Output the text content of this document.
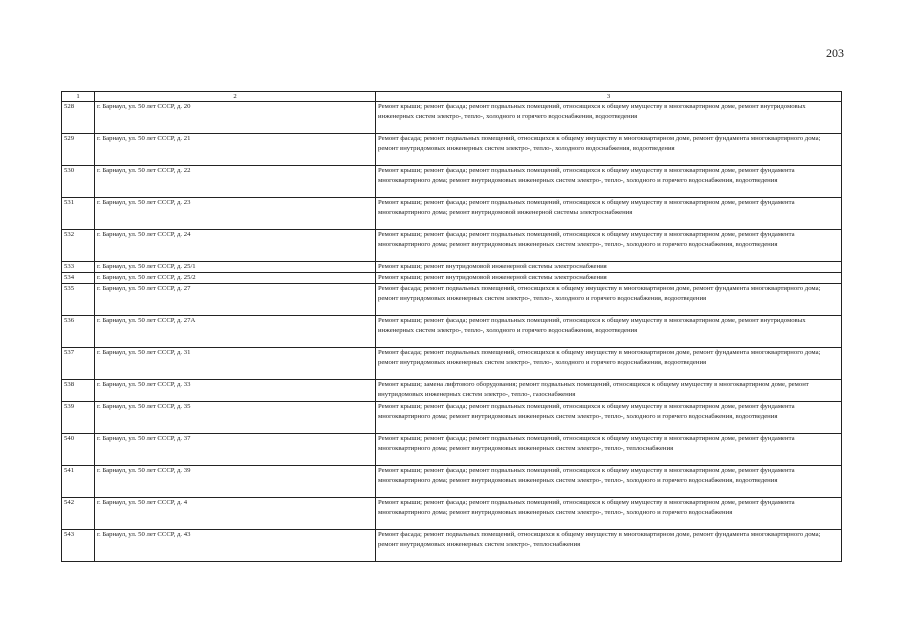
203
1	2	3
528	г. Барнаул, ул. 50 лет СССР, д. 20	Ремонт крыши; ремонт фасада; ремонт подвальных помещений, относящихся к общему имуществу в многоквартирном доме, ремонт внутридомовых инженерных систем электро-, тепло-, холодного и горячего водоснабжения, водоотведения
529	г. Барнаул, ул. 50 лет СССР, д. 21	Ремонт фасада; ремонт подвальных помещений, относящихся к общему имуществу в многоквартирном доме, ремонт фундамента многоквартирного дома; ремонт внутридомовых инженерных систем электро-, тепло-, холодного водоснабжения, водоотведения
530	г. Барнаул, ул. 50 лет СССР, д. 22	Ремонт крыши; ремонт фасада; ремонт подвальных помещений, относящихся к общему имуществу в многоквартирном доме, ремонт фундамента многоквартирного дома; ремонт внутридомовых инженерных систем электро-, тепло-, холодного и горячего водоснабжения, водоотведения
531	г. Барнаул, ул. 50 лет СССР, д. 23	Ремонт крыши; ремонт фасада; ремонт подвальных помещений, относящихся к общему имуществу в многоквартирном доме, ремонт фундамента многоквартирного дома; ремонт внутридомовой инженерной системы электроснабжения
532	г. Барнаул, ул. 50 лет СССР, д. 24	Ремонт крыши; ремонт фасада; ремонт подвальных помещений, относящихся к общему имуществу в многоквартирном доме, ремонт фундамента многоквартирного дома; ремонт внутридомовых инженерных систем электро-, тепло-, холодного и горячего водоснабжения, водоотведения
533	г. Барнаул, ул. 50 лет СССР, д. 25/1	Ремонт крыши; ремонт внутридомовой инженерной системы электроснабжения
534	г. Барнаул, ул. 50 лет СССР, д. 25/2	Ремонт крыши; ремонт внутридомовой инженерной системы электроснабжения
535	г. Барнаул, ул. 50 лет СССР, д. 27	Ремонт фасада; ремонт подвальных помещений, относящихся к общему имуществу в многоквартирном доме, ремонт фундамента многоквартирного дома; ремонт внутридомовых инженерных систем электро-, тепло-, холодного и горячего водоснабжения, водоотведения
536	г. Барнаул, ул. 50 лет СССР, д. 27А	Ремонт крыши; ремонт фасада; ремонт подвальных помещений, относящихся к общему имуществу в многоквартирном доме, ремонт внутридомовых инженерных систем электро-, тепло-, холодного и горячего водоснабжения, водоотведения
537	г. Барнаул, ул. 50 лет СССР, д. 31	Ремонт фасада; ремонт подвальных помещений, относящихся к общему имуществу в многоквартирном доме, ремонт фундамента многоквартирного дома; ремонт внутридомовых инженерных систем электро-, тепло-, холодного и горячего водоснабжения, водоотведения
538	г. Барнаул, ул. 50 лет СССР, д. 33	Ремонт крыши; замена лифтового оборудования; ремонт подвальных помещений, относящихся к общему имуществу в многоквартирном доме, ремонт внутридомовых инженерных систем электро-, тепло-, газоснабжения
539	г. Барнаул, ул. 50 лет СССР, д. 35	Ремонт крыши; ремонт фасада; ремонт подвальных помещений, относящихся к общему имуществу в многоквартирном доме, ремонт фундамента многоквартирного дома; ремонт внутридомовых инженерных систем электро-, тепло-, холодного и горячего водоснабжения, водоотведения
540	г. Барнаул, ул. 50 лет СССР, д. 37	Ремонт крыши; ремонт фасада; ремонт подвальных помещений, относящихся к общему имуществу в многоквартирном доме, ремонт фундамента многоквартирного дома; ремонт внутридомовых инженерных систем электро-, тепло-, теплоснабжения
541	г. Барнаул, ул. 50 лет СССР, д. 39	Ремонт крыши; ремонт фасада; ремонт подвальных помещений, относящихся к общему имуществу в многоквартирном доме, ремонт фундамента многоквартирного дома; ремонт внутридомовых инженерных систем электро-, тепло-, холодного и горячего водоснабжения, водоотведения
542	г. Барнаул, ул. 50 лет СССР, д. 4	Ремонт крыши; ремонт фасада; ремонт подвальных помещений, относящихся к общему имуществу в многоквартирном доме, ремонт фундамента многоквартирного дома; ремонт внутридомовых инженерных систем электро-, тепло-, холодного и горячего водоснабжения
543	г. Барнаул, ул. 50 лет СССР, д. 43	Ремонт фасада; ремонт подвальных помещений, относящихся к общему имуществу в многоквартирном доме, ремонт фундамента многоквартирного дома; ремонт внутридомовых инженерных систем электро-, теплоснабжения
